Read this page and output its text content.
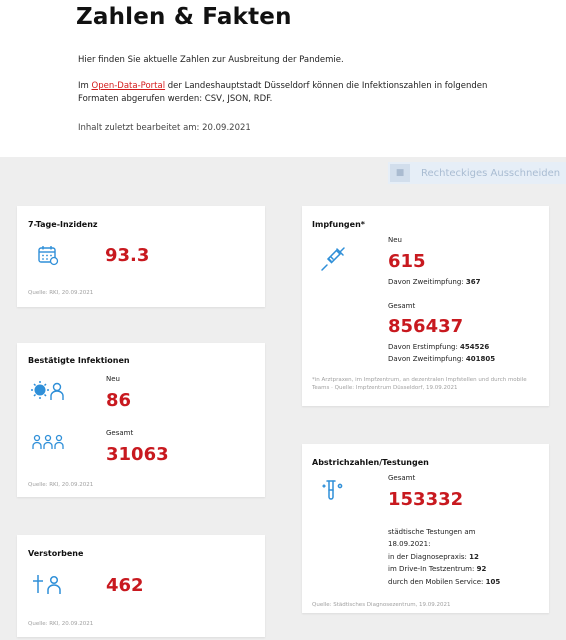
Zahlen & Fakten
Hier finden Sie aktuelle Zahlen zur Ausbreitung der Pandemie.
Im Open-Data-Portal der Landeshauptstadt Düsseldorf können die Infektionszahlen in folgenden Formaten abgerufen werden: CSV, JSON, RDF.
Inhalt zuletzt bearbeitet am: 20.09.2021
■	Rechteckiges Ausschneiden
7-Tage-Inzidenz
93.3
Quelle: RKI, 20.09.2021
Bestätigte Infektionen
Neu
86
Gesamt
31063
Quelle: RKI, 20.09.2021
Verstorbene
462
Quelle: RKI, 20.09.2021
Impfungen*
Neu
615
Davon Zweitimpfung: 367
Gesamt
856437
Davon Erstimpfung: 454526
Davon Zweitimpfung: 401805
*in Arztpraxen, im Impfzentrum, an dezentralen Impfstellen und durch mobile Teams · Quelle: Impfzentrum Düsseldorf, 19.09.2021
Abstrichzahlen/Testungen
Gesamt
153332
städtische Testungen am
18.09.2021:
in der Diagnosepraxis: 12
im Drive-In Testzentrum: 92
durch den Mobilen Service: 105
Quelle: Städtisches Diagnosezentrum, 19.09.2021
